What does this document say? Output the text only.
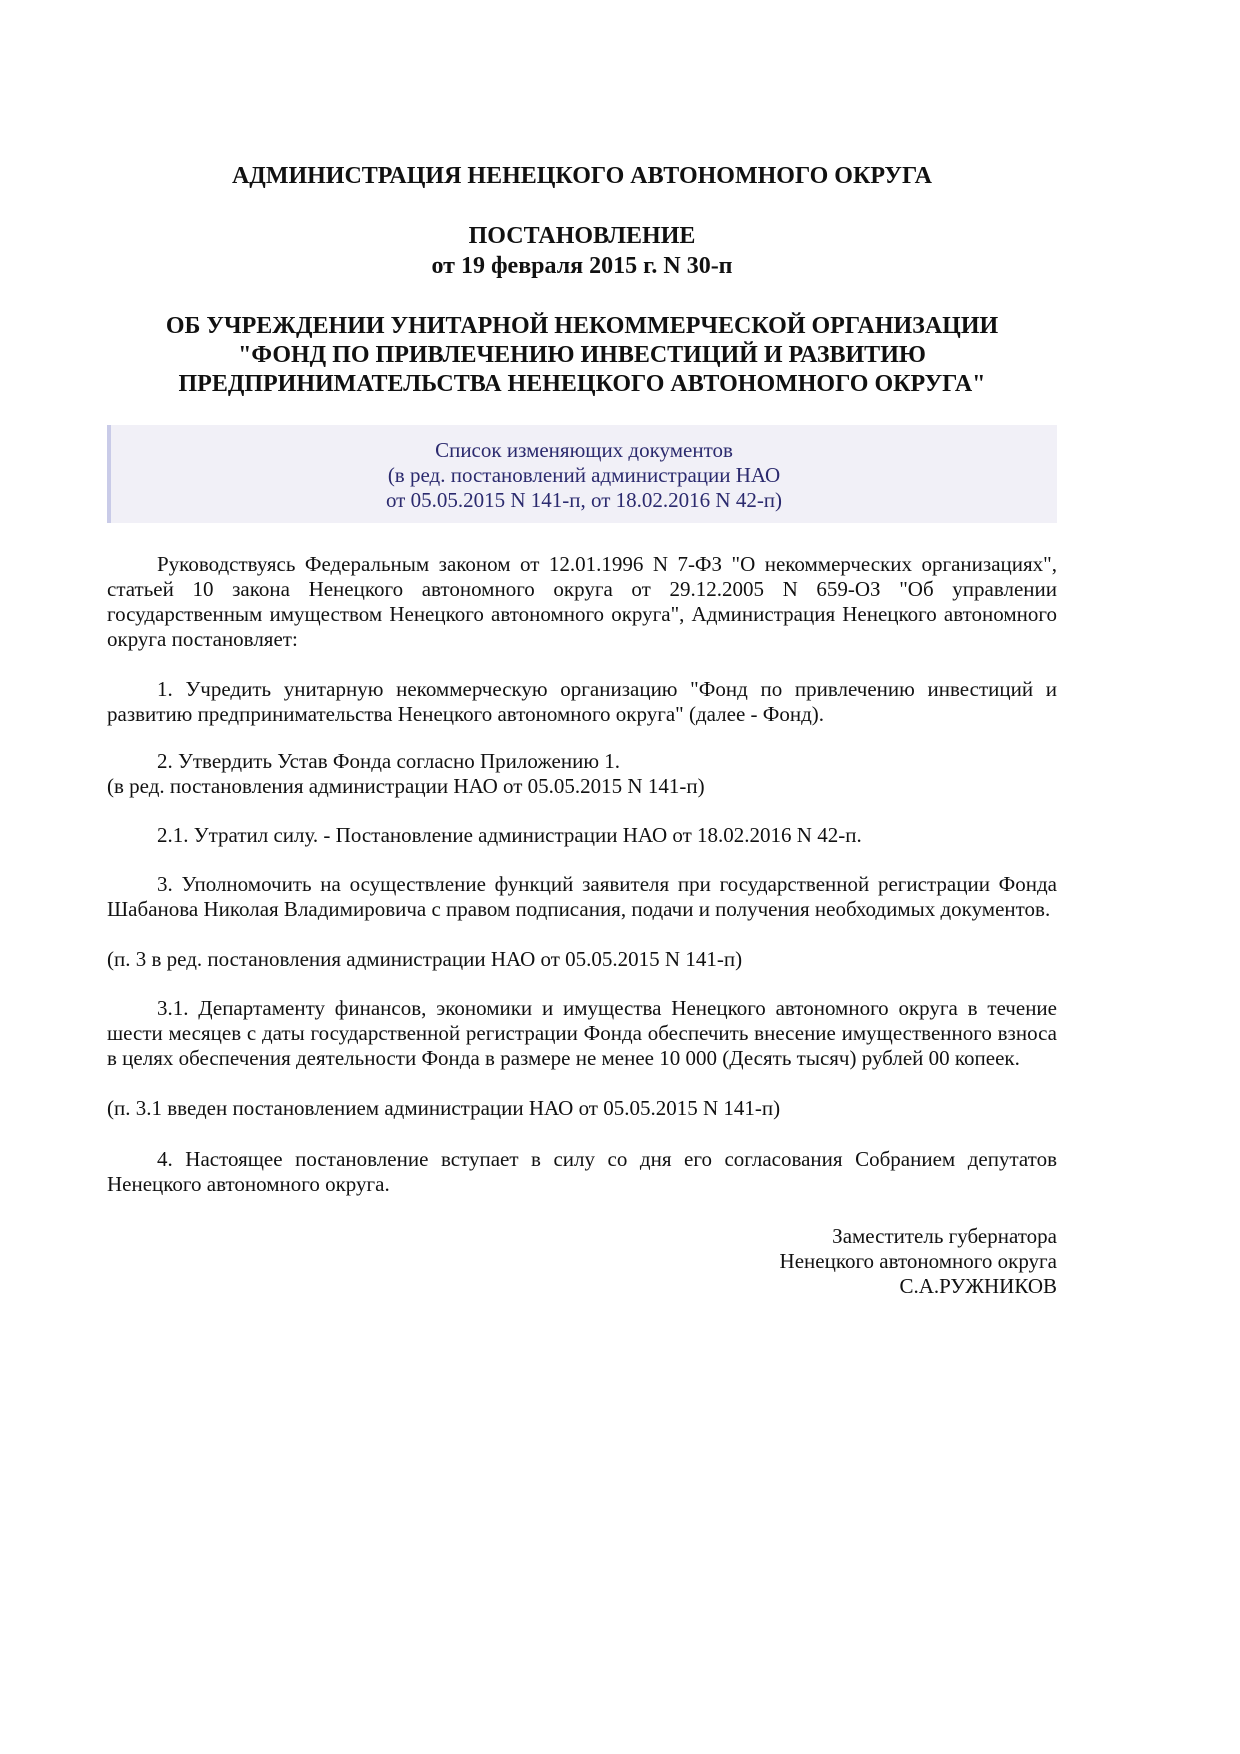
АДМИНИСТРАЦИЯ НЕНЕЦКОГО АВТОНОМНОГО ОКРУГА
ПОСТАНОВЛЕНИЕ
от 19 февраля 2015 г. N 30-п
ОБ УЧРЕЖДЕНИИ УНИТАРНОЙ НЕКОММЕРЧЕСКОЙ ОРГАНИЗАЦИИ
"ФОНД ПО ПРИВЛЕЧЕНИЮ ИНВЕСТИЦИЙ И РАЗВИТИЮ
ПРЕДПРИНИМАТЕЛЬСТВА НЕНЕЦКОГО АВТОНОМНОГО ОКРУГА"
Список изменяющих документов
(в ред. постановлений администрации НАО
от 05.05.2015 N 141-п, от 18.02.2016 N 42-п)
Руководствуясь Федеральным законом от 12.01.1996 N 7-ФЗ "О некоммерческих организациях", статьей 10 закона Ненецкого автономного округа от 29.12.2005 N 659-ОЗ "Об управлении государственным имуществом Ненецкого автономного округа", Администрация Ненецкого автономного округа постановляет:
1. Учредить унитарную некоммерческую организацию "Фонд по привлечению инвестиций и развитию предпринимательства Ненецкого автономного округа" (далее - Фонд).
2. Утвердить Устав Фонда согласно Приложению 1.
(в ред. постановления администрации НАО от 05.05.2015 N 141-п)
2.1. Утратил силу. - Постановление администрации НАО от 18.02.2016 N 42-п.
3. Уполномочить на осуществление функций заявителя при государственной регистрации Фонда Шабанова Николая Владимировича с правом подписания, подачи и получения необходимых документов.
(п. 3 в ред. постановления администрации НАО от 05.05.2015 N 141-п)
3.1. Департаменту финансов, экономики и имущества Ненецкого автономного округа в течение шести месяцев с даты государственной регистрации Фонда обеспечить внесение имущественного взноса в целях обеспечения деятельности Фонда в размере не менее 10 000 (Десять тысяч) рублей 00 копеек.
(п. 3.1 введен постановлением администрации НАО от 05.05.2015 N 141-п)
4. Настоящее постановление вступает в силу со дня его согласования Собранием депутатов Ненецкого автономного округа.
Заместитель губернатора
Ненецкого автономного округа
С.А.РУЖНИКОВ
